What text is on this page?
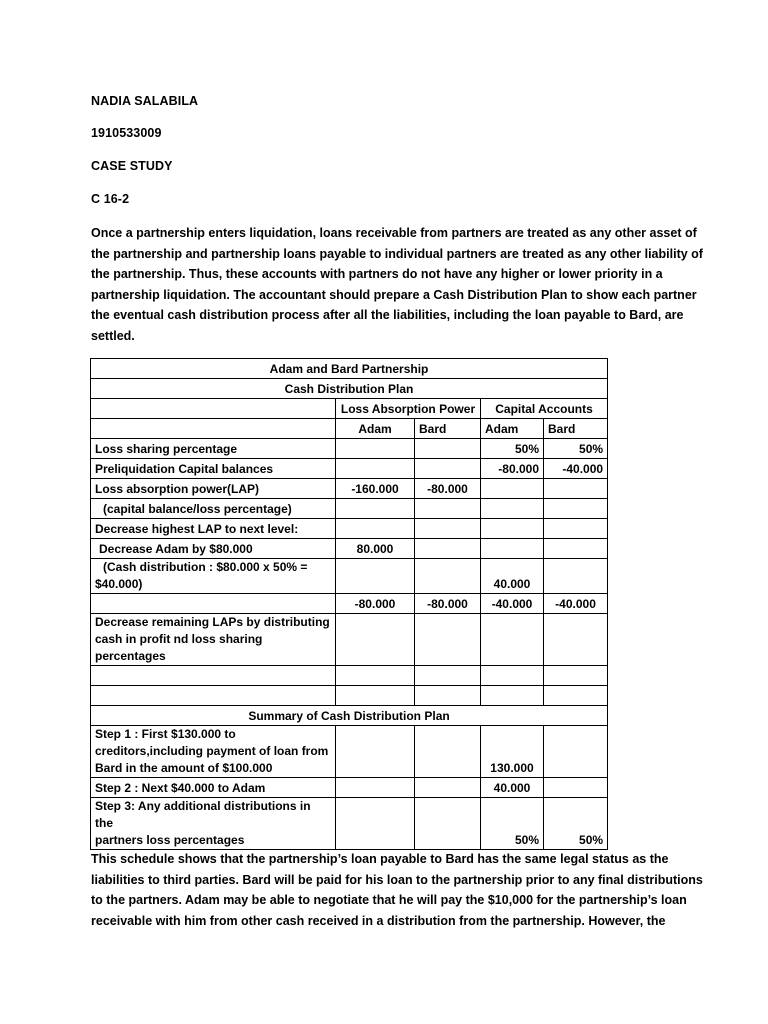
NADIA SALABILA
1910533009
CASE STUDY
C 16-2
Once a partnership enters liquidation, loans receivable from partners are treated as any other asset of
the partnership and partnership loans payable to individual partners are treated as any other liability of
the partnership. Thus, these accounts with partners do not have any higher or lower priority in a
partnership liquidation. The accountant should prepare a Cash Distribution Plan to show each partner
the eventual cash distribution process after all the liabilities, including the loan payable to Bard, are
settled.
Adam and Bard Partnership				
Cash Distribution Plan				
	Loss Absorption Power		Capital Accounts	
	Adam	Bard	Adam	Bard
Loss sharing percentage			50%	50%
Preliquidation Capital balances			-80.000	-40.000
Loss absorption power(LAP)	-160.000	-80.000		
(capital balance/loss percentage)				
Decrease highest LAP to next level:				
Decrease Adam by $80.000	80.000			

(Cash distribution : $80.000 x 50% =
$40.000)			40.000	
	-80.000	-80.000	-40.000	-40.000

Decrease remaining LAPs by distributing
cash in profit nd loss sharing percentages				

Summary of Cash Distribution Plan				

Step 1 : First $130.000 to
creditors,including payment of loan from
Bard in the amount of $100.000			130.000	
Step 2 : Next $40.000 to Adam			40.000	

Step 3: Any additional distributions in the
partners loss percentages			50%	50%
This schedule shows that the partnership’s loan payable to Bard has the same legal status as the
liabilities to third parties. Bard will be paid for his loan to the partnership prior to any final distributions
to the partners. Adam may be able to negotiate that he will pay the $10,000 for the partnership’s loan
receivable with him from other cash received in a distribution from the partnership. However, the
